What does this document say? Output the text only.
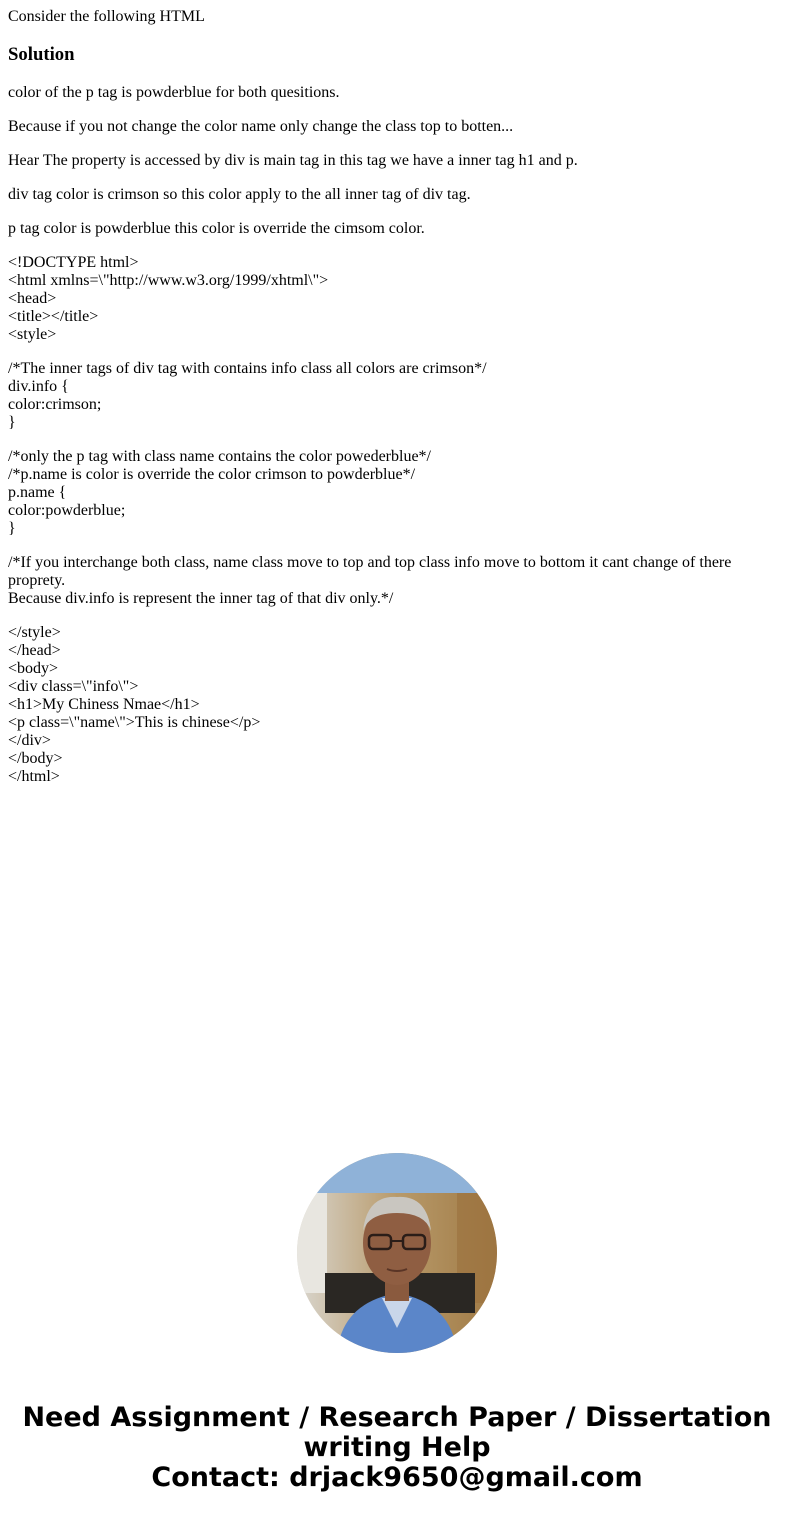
Consider the following HTML

Solution

color of the p tag is powderblue for both quesitions.

Because if you not change the color name only change the class top to botten...

Hear The property is accessed by div is main tag in this tag we have a inner tag h1 and p.

div tag color is crimson so this color apply to the all inner tag of div tag.

p tag color is powderblue this color is override the cimsom color.

<!DOCTYPE html>
<html xmlns=\"http://www.w3.org/1999/xhtml\">
<head>
<title></title>
<style>
/*The inner tags of div tag with contains info class all colors are crimson*/
div.info {
color:crimson;
}
/*only the p tag with class name contains the color powederblue*/
/*p.name is color is override the color crimson to powderblue*/
p.name {
color:powderblue;
}
/*If you interchange both class, name class move to top and top class info move to bottom it cant change of there proprety.
Because div.info is represent the inner tag of that div only.*/
</style>
</head>
<body>
<div class=\"info\">
<h1>My Chiness Nmae</h1>
<p class=\"name\">This is chinese</p>
</div>
</body>
</html>
Need Assignment / Research Paper / Dissertation
writing Help
Contact: drjack9650@gmail.com
